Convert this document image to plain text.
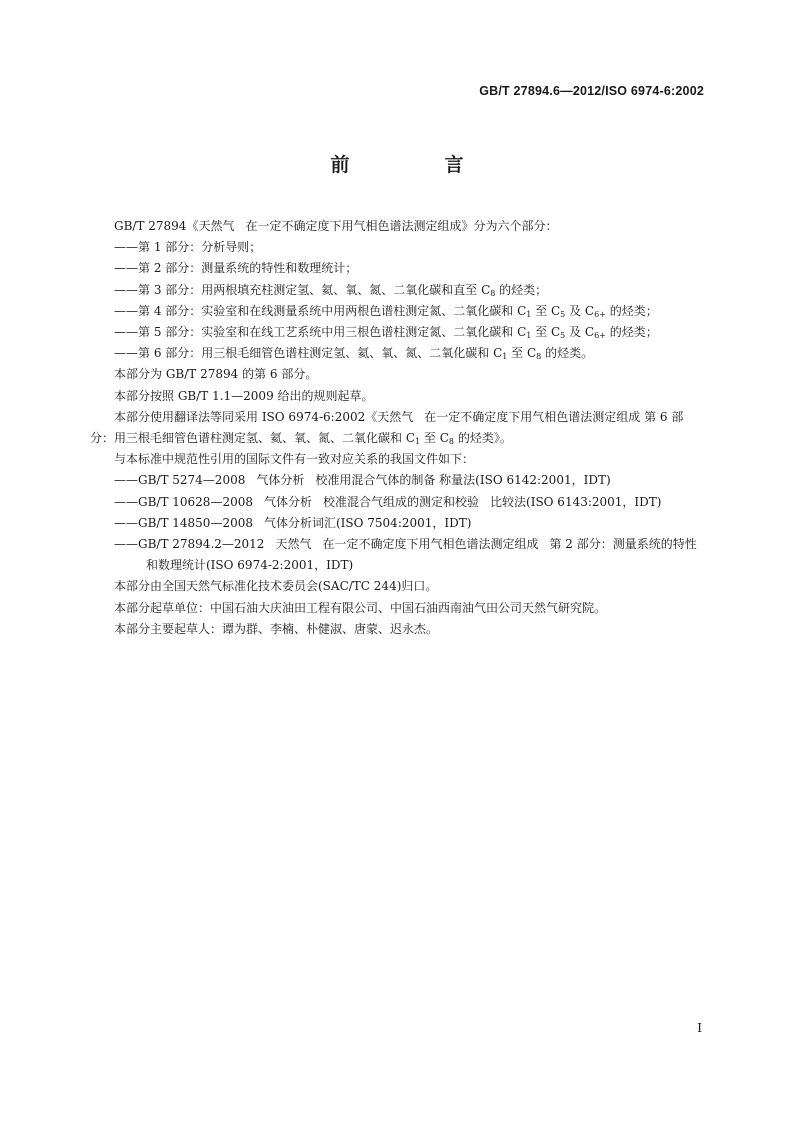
GB/T 27894.6—2012/ISO 6974-6:2002
前　言

GB/T 27894《天然气 在一定不确定度下用气相色谱法测定组成》分为六个部分：

——第 1 部分：分析导则；

——第 2 部分：测量系统的特性和数理统计；

——第 3 部分：用两根填充柱测定氢、氦、氧、氮、二氧化碳和直至 $C_8$ 的烃类；

——第 4 部分：实验室和在线测量系统中用两根色谱柱测定氮、二氧化碳和 $C_1$ 至 $C_5$ 及 $C_{6+}$ 的烃类；

——第 5 部分：实验室和在线工艺系统中用三根色谱柱测定氮、二氧化碳和 $C_1$ 至 $C_5$ 及 $C_{6+}$ 的烃类；

——第 6 部分：用三根毛细管色谱柱测定氢、氦、氧、氮、二氧化碳和 $C_1$ 至 $C_8$ 的烃类。

本部分为 GB/T 27894 的第 6 部分。

本部分按照 GB/T 1.1—2009 给出的规则起草。

本部分使用翻译法等同采用 ISO 6974-6:2002《天然气 在一定不确定度下用气相色谱法测定组成 第 6 部分：用三根毛细管色谱柱测定氢、氦、氧、氮、二氧化碳和 $C_1$ 至 $C_8$ 的烃类》。

与本标准中规范性引用的国际文件有一致对应关系的我国文件如下：

——GB/T 5274—2008 气体分析 校准用混合气体的制备 称量法(ISO 6142:2001，IDT)

——GB/T 10628—2008 气体分析 校准混合气组成的测定和校验 比较法(ISO 6143:2001，IDT)

——GB/T 14850—2008 气体分析词汇(ISO 7504:2001，IDT)

——GB/T 27894.2—2012 天然气 在一定不确定度下用气相色谱法测定组成 第 2 部分：测量系统的特性和数理统计(ISO 6974-2:2001，IDT)

本部分由全国天然气标准化技术委员会(SAC/TC 244)归口。

本部分起草单位：中国石油大庆油田工程有限公司、中国石油西南油气田公司天然气研究院。

本部分主要起草人：谭为群、李楠、朴健淑、唐蒙、迟永杰。

I
